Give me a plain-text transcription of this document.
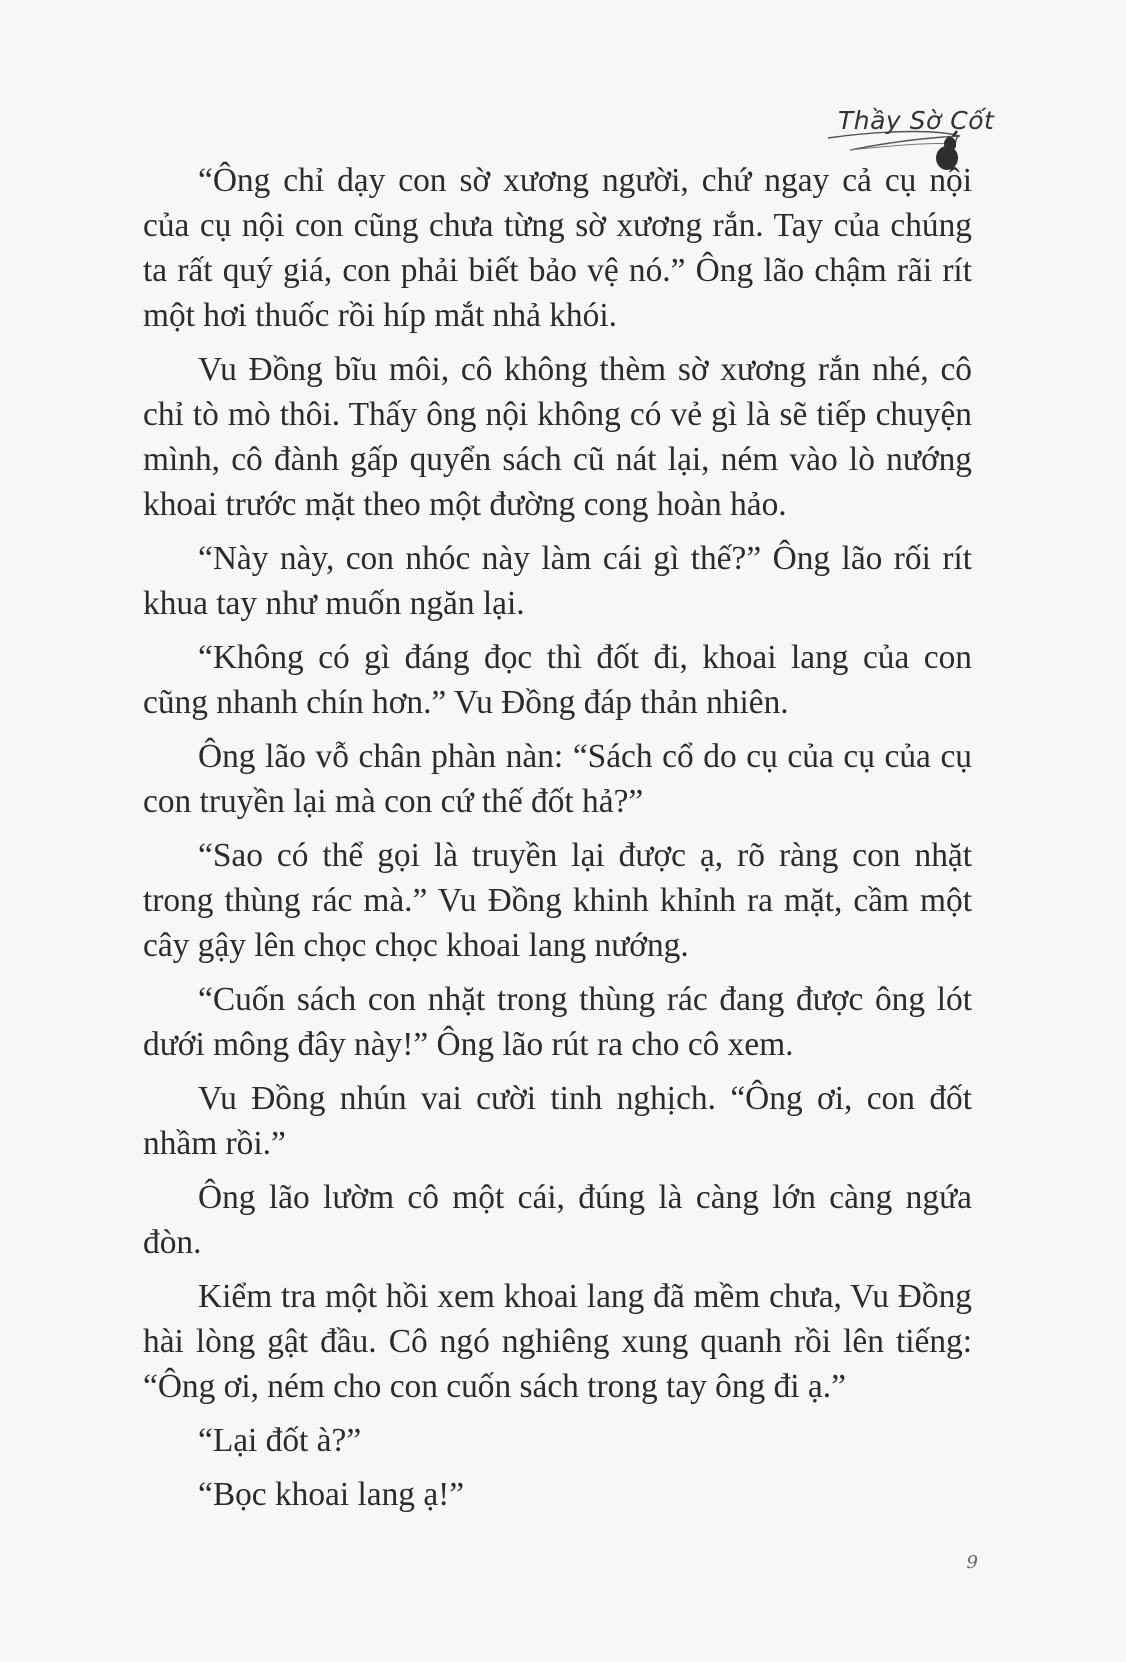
Thầy Sờ Cốt

“Ông chỉ dạy con sờ xương người, chứ ngay cả cụ nội của cụ nội con cũng chưa từng sờ xương rắn. Tay của chúng ta rất quý giá, con phải biết bảo vệ nó.” Ông lão chậm rãi rít một hơi thuốc rồi híp mắt nhả khói.

Vu Đồng bĩu môi, cô không thèm sờ xương rắn nhé, cô chỉ tò mò thôi. Thấy ông nội không có vẻ gì là sẽ tiếp chuyện mình, cô đành gấp quyển sách cũ nát lại, ném vào lò nướng khoai trước mặt theo một đường cong hoàn hảo.

“Này này, con nhóc này làm cái gì thế?” Ông lão rối rít khua tay như muốn ngăn lại.

“Không có gì đáng đọc thì đốt đi, khoai lang của con cũng nhanh chín hơn.” Vu Đồng đáp thản nhiên.

Ông lão vỗ chân phàn nàn: “Sách cổ do cụ của cụ của cụ con truyền lại mà con cứ thế đốt hả?”

“Sao có thể gọi là truyền lại được ạ, rõ ràng con nhặt trong thùng rác mà.” Vu Đồng khinh khỉnh ra mặt, cầm một cây gậy lên chọc chọc khoai lang nướng.

“Cuốn sách con nhặt trong thùng rác đang được ông lót dưới mông đây này!” Ông lão rút ra cho cô xem.

Vu Đồng nhún vai cười tinh nghịch. “Ông ơi, con đốt nhầm rồi.”

Ông lão lườm cô một cái, đúng là càng lớn càng ngứa đòn.

Kiểm tra một hồi xem khoai lang đã mềm chưa, Vu Đồng hài lòng gật đầu. Cô ngó nghiêng xung quanh rồi lên tiếng: “Ông ơi, ném cho con cuốn sách trong tay ông đi ạ.”

“Lại đốt à?”

“Bọc khoai lang ạ!”

9
